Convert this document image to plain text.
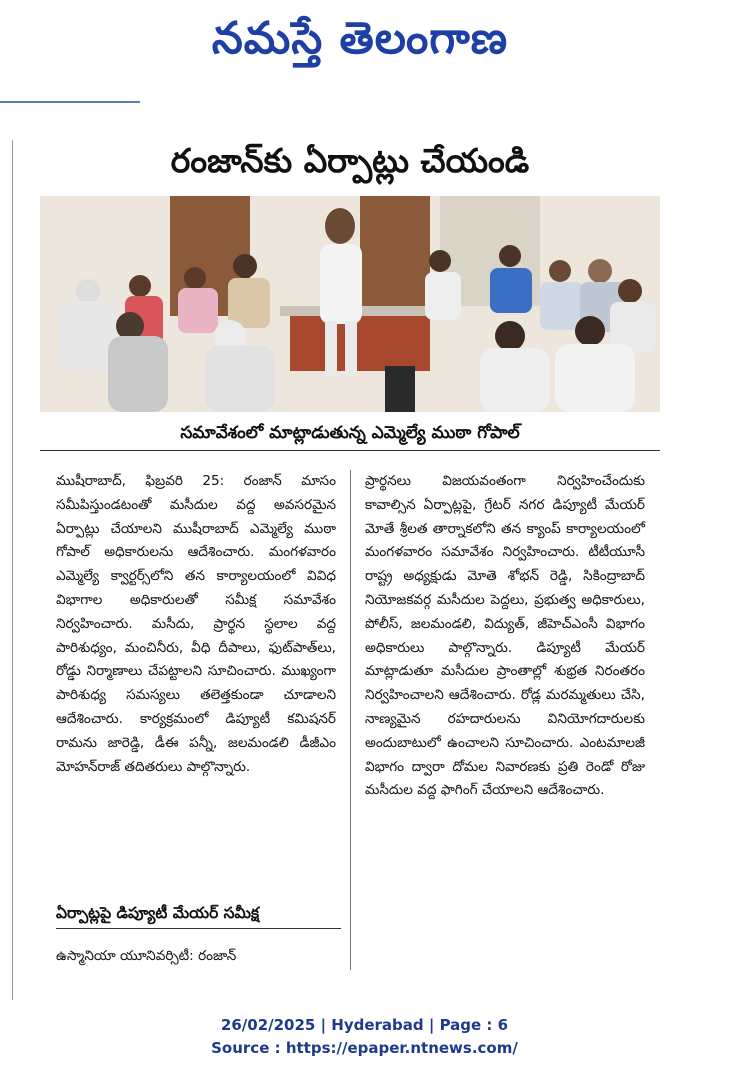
నమస్తే తెలంగాణ
రంజాన్‌కు ఏర్పాట్లు చేయండి
సమావేశంలో మాట్లాడుతున్న ఎమ్మెల్యే ముఠా గోపాల్

ముషీరాబాద్, ఫిబ్రవరి 25: రంజాన్ మాసం సమీపిస్తుండటంతో మసీదుల వద్ద అవసరమైన ఏర్పాట్లు చేయాలని ముషీరాబాద్ ఎమ్మెల్యే ముఠా గోపాల్ అధికారులను ఆదేశించారు. మంగళవారం ఎమ్మెల్యే క్వార్టర్స్‌లోని తన కార్యాలయంలో వివిధ విభాగాల అధికారులతో సమీక్ష సమావేశం నిర్వహించారు. మసీదు, ప్రార్థన స్థలాల వద్ద పారిశుధ్యం, మంచినీరు, వీధి దీపాలు, ఫుట్‌పాత్‌లు, రోడ్డు నిర్మాణాలు చేపట్టాలని సూచించారు. ముఖ్యంగా పారిశుధ్య సమస్యలు తలెత్తకుండా చూడాలని ఆదేశించారు. కార్యక్రమంలో డిప్యూటీ కమిషనర్ రామను జారెడ్డి, డీఈ పన్నీ, జలమండలి డీజీఎం మోహన్‌రాజ్ తదితరులు పాల్గొన్నారు.

ఏర్పాట్లపై డిప్యూటీ మేయర్ సమీక్ష
ఉస్మానియా యూనివర్సిటీ: రంజాన్

ప్రార్థనలు విజయవంతంగా నిర్వహించేందుకు కావాల్సిన ఏర్పాట్లపై, గ్రేటర్ నగర డిప్యూటీ మేయర్ మోతే శ్రీలత తార్నాకలోని తన క్యాంప్ కార్యాలయంలో మంగళవారం సమావేశం నిర్వహించారు. టీటీయూసీ రాష్ట్ర అధ్యక్షుడు మోతె శోభన్ రెడ్డి, సికింద్రాబాద్ నియోజకవర్గ మసీదుల పెద్దలు, ప్రభుత్వ అధికారులు, పోలీస్, జలమండలి, విద్యుత్, జీహెచ్‌ఎంసీ విభాగం అధికారులు పాల్గొన్నారు. డిప్యూటీ మేయర్ మాట్లాడుతూ మసీదుల ప్రాంతాల్లో శుభ్రత నిరంతరం నిర్వహించాలని ఆదేశించారు. రోడ్ల మరమ్మతులు చేసి, నాణ్యమైన రహదారులను వినియోగదారులకు అందుబాటులో ఉంచాలని సూచించారు. ఎంటమాలజీ విభాగం ద్వారా దోమల నివారణకు ప్రతి రెండో రోజు మసీదుల వద్ద ఫాగింగ్ చేయాలని ఆదేశించారు.

26/02/2025 | Hyderabad | Page : 6
Source : https://epaper.ntnews.com/
